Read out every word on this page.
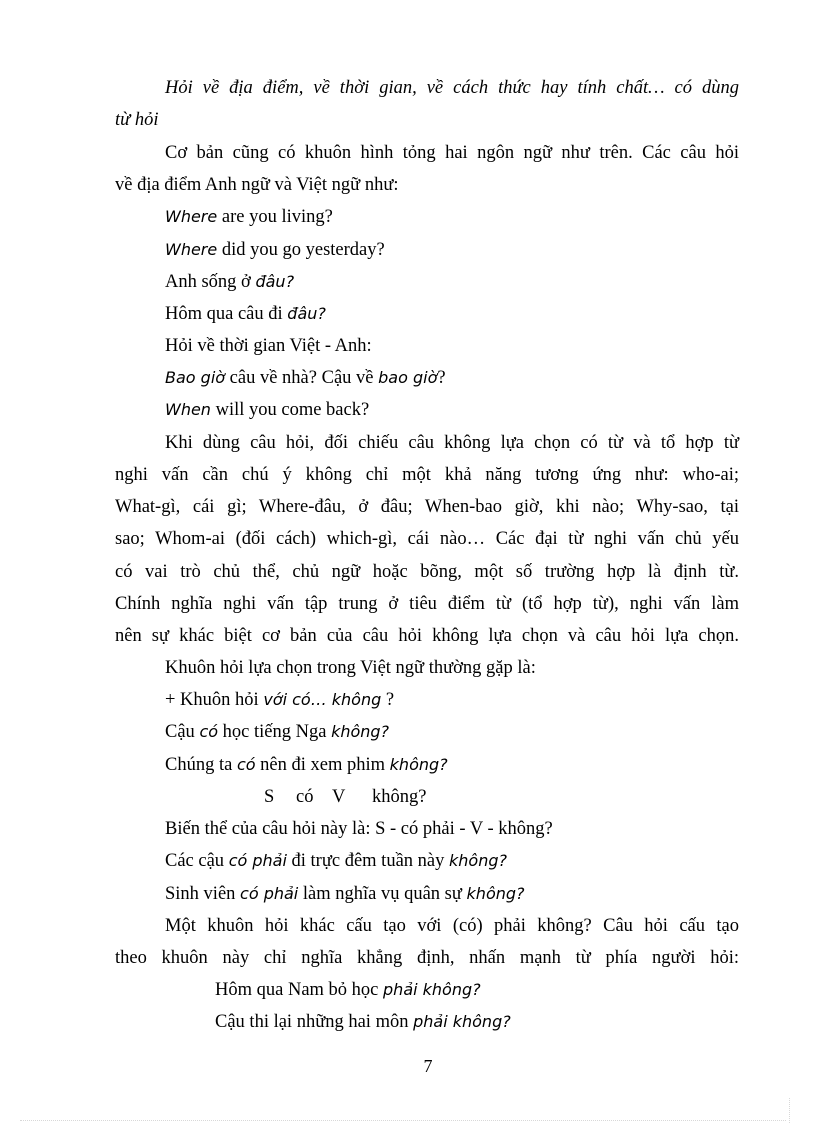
Hỏi về địa điểm, về thời gian, về cách thức hay tính chất… có dùng
từ hỏi
Cơ bản cũng có khuôn hình tỏng hai ngôn ngữ như trên. Các câu hỏi
về địa điểm Anh ngữ và Việt ngữ như:
Where are you living?
Where did you go yesterday?
Anh sống ở đâu?
Hôm qua câu đi đâu?
Hỏi về thời gian Việt - Anh:
Bao giờ câu về nhà? Cậu về bao giờ?
When will you come back?
Khi dùng câu hỏi, đối chiếu câu không lựa chọn có từ và tổ hợp từ
nghi vấn cần chú ý không chỉ một khả năng tương ứng như: who-ai;
What-gì, cái gì; Where-đâu, ở đâu; When-bao giờ, khi nào; Why-sao, tại
sao; Whom-ai (đối cách) which-gì, cái nào… Các đại từ nghi vấn chủ yếu
có vai trò chủ thể, chủ ngữ hoặc bõng, một số trường hợp là định từ.
Chính nghĩa nghi vấn tập trung ở tiêu điểm từ (tổ hợp từ), nghi vấn làm
nên sự khác biệt cơ bản của câu hỏi không lựa chọn và câu hỏi lựa chọn.
Khuôn hỏi lựa chọn trong Việt ngữ thường gặp là:
+ Khuôn hỏi với có… không ?
Cậu có học tiếng Nga không?
Chúng ta có nên đi xem phim không?
S có V không?
Biến thể của câu hỏi này là: S - có phải - V - không?
Các cậu có phải đi trực đêm tuần này không?
Sinh viên có phải làm nghĩa vụ quân sự không?
Một khuôn hỏi khác cấu tạo với (có) phải không? Câu hỏi cấu tạo
theo khuôn này chỉ nghĩa khẳng định, nhấn mạnh từ phía người hỏi:
Hôm qua Nam bỏ học phải không?
Cậu thi lại những hai môn phải không?
7
